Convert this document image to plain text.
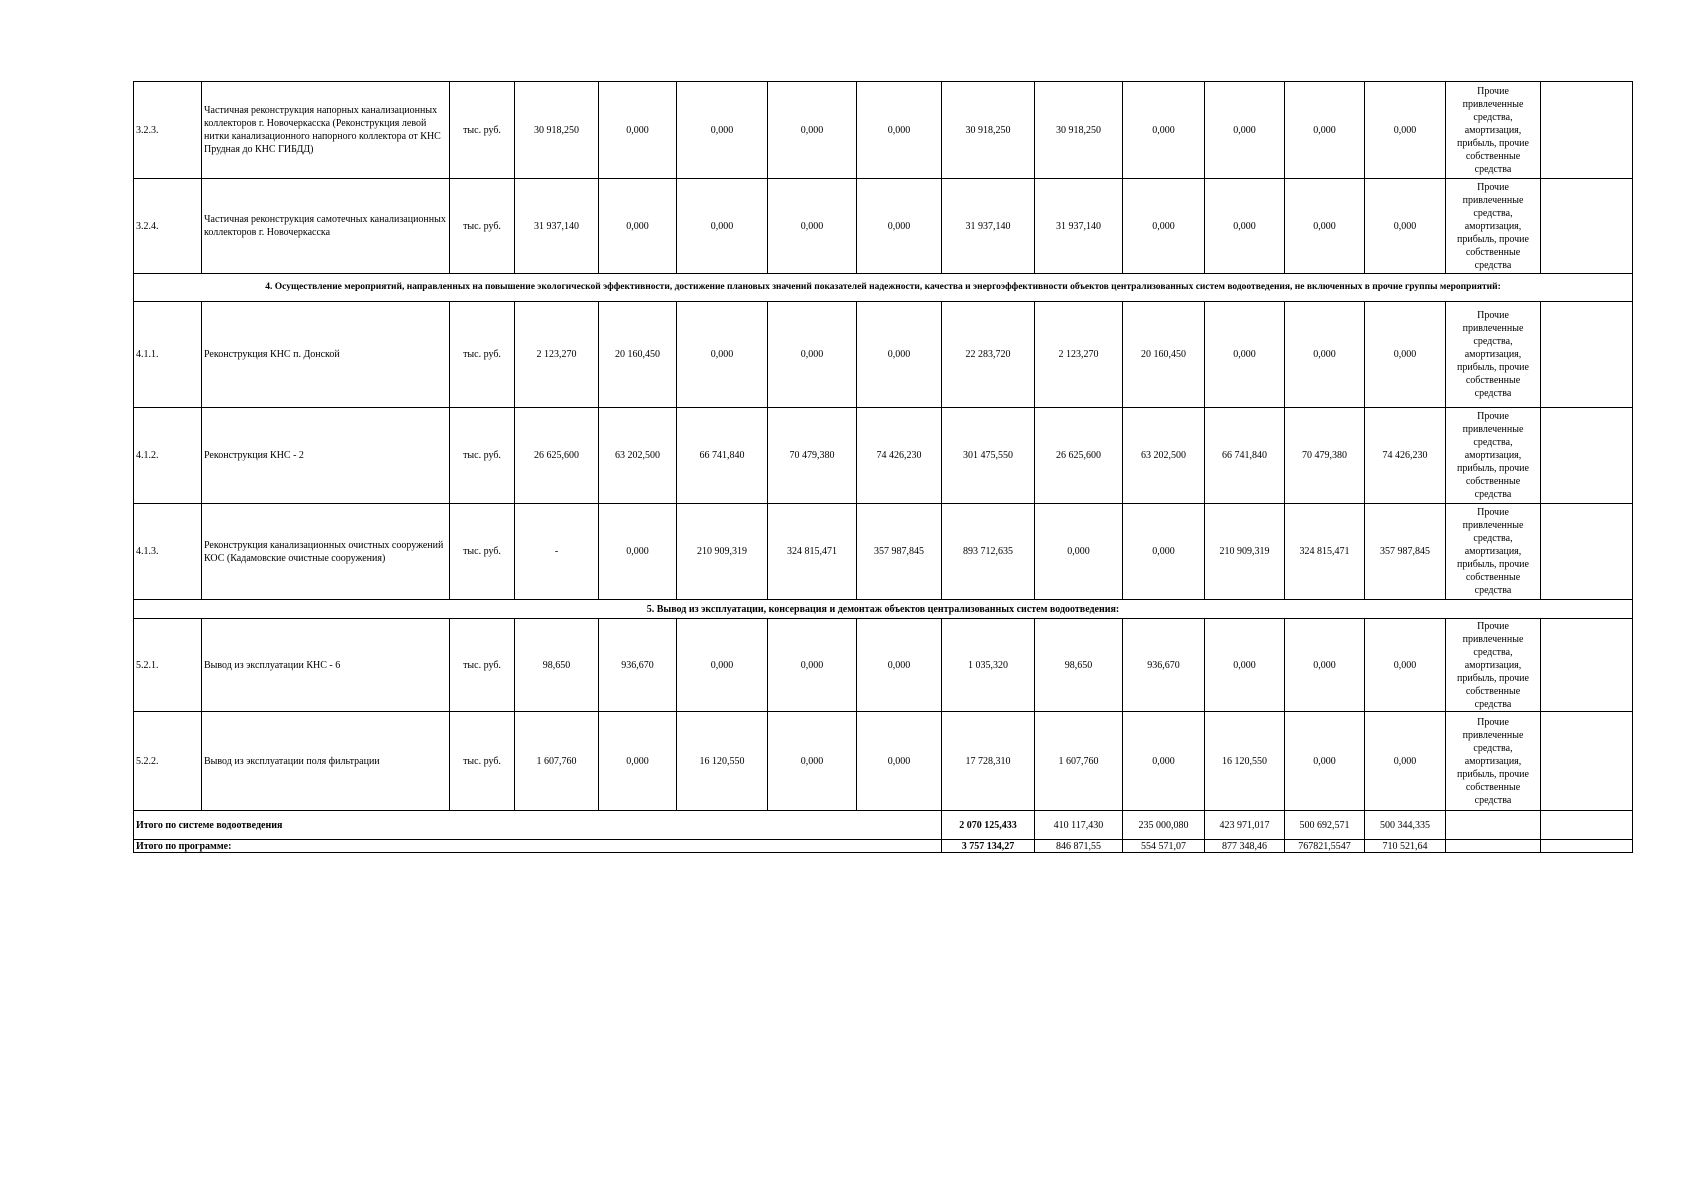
3.2.3.	Частичная реконструкция напорных канализационных коллекторов г. Новочеркасска (Реконструкция левой нитки канализационного напорного коллектора от КНС Прудная до КНС ГИБДД)	тыс. руб.	30 918,250	0,000	0,000	0,000	0,000	30 918,250	30 918,250	0,000	0,000	0,000	0,000	Прочие привлеченные средства, амортизация, прибыль, прочие собственные средства	
3.2.4.	Частичная реконструкция самотечных канализационных коллекторов г. Новочеркасска	тыс. руб.	31 937,140	0,000	0,000	0,000	0,000	31 937,140	31 937,140	0,000	0,000	0,000	0,000	Прочие привлеченные средства, амортизация, прибыль, прочие собственные средства	
4. Осуществление мероприятий, направленных на повышение экологической эффективности, достижение плановых значений показателей надежности, качества и энергоэффективности объектов централизованных систем водоотведения, не включенных в прочие группы мероприятий:															
4.1.1.	Реконструкция КНС п. Донской	тыс. руб.	2 123,270	20 160,450	0,000	0,000	0,000	22 283,720	2 123,270	20 160,450	0,000	0,000	0,000	Прочие привлеченные средства, амортизация, прибыль, прочие собственные средства	
4.1.2.	Реконструкция КНС - 2	тыс. руб.	26 625,600	63 202,500	66 741,840	70 479,380	74 426,230	301 475,550	26 625,600	63 202,500	66 741,840	70 479,380	74 426,230	Прочие привлеченные средства, амортизация, прибыль, прочие собственные средства	
4.1.3.	Реконструкция канализационных очистных сооружений КОС (Кадамовские очистные сооружения)	тыс. руб.	-	0,000	210 909,319	324 815,471	357 987,845	893 712,635	0,000	0,000	210 909,319	324 815,471	357 987,845	Прочие привлеченные средства, амортизация, прибыль, прочие собственные средства	
5. Вывод из эксплуатации, консервация и демонтаж объектов централизованных систем водоотведения:															
5.2.1.	Вывод из эксплуатации КНС - 6	тыс. руб.	98,650	936,670	0,000	0,000	0,000	1 035,320	98,650	936,670	0,000	0,000	0,000	Прочие привлеченные средства, амортизация, прибыль, прочие собственные средства	
5.2.2.	Вывод из эксплуатации поля фильтрации	тыс. руб.	1 607,760	0,000	16 120,550	0,000	0,000	17 728,310	1 607,760	0,000	16 120,550	0,000	0,000	Прочие привлеченные средства, амортизация, прибыль, прочие собственные средства	
Итого по системе водоотведения								2 070 125,433	410 117,430	235 000,080	423 971,017	500 692,571	500 344,335		
Итого по программе:								3 757 134,27	846 871,55	554 571,07	877 348,46	767821,5547	710 521,64		
